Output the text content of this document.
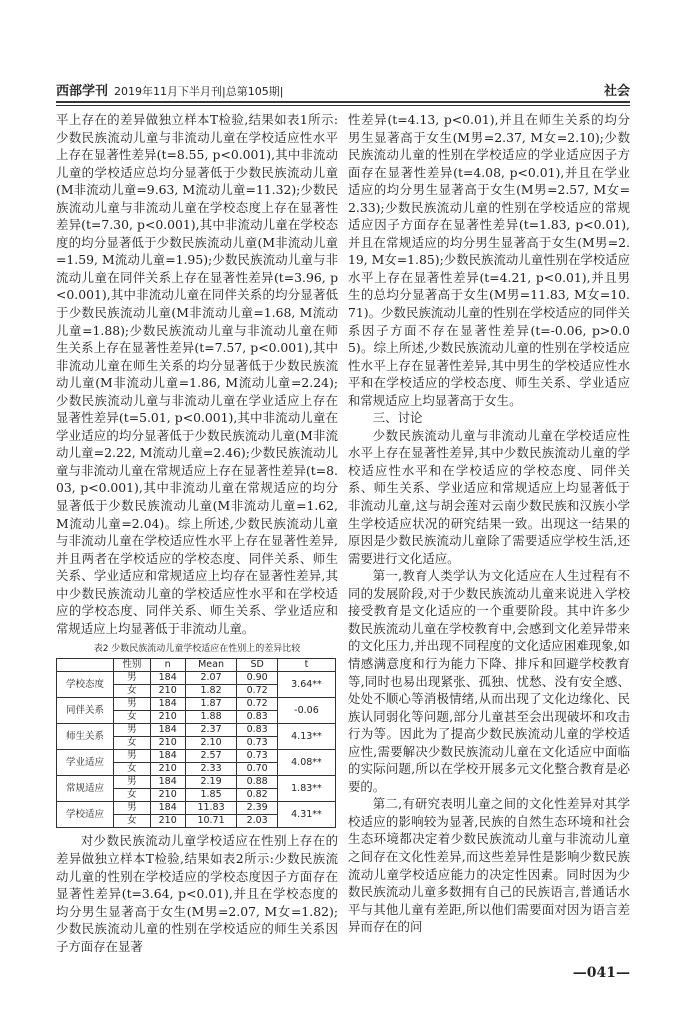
西部学刊 2019年11月下半月刊|总第105期|	社会

平上存在的差异做独立样本T检验,结果如表1所示:少数民族流动儿童与非流动儿童在学校适应性水平上存在显著性差异(t=8.55, p<0.001),其中非流动儿童的学校适应总均分显著低于少数民族流动儿童(M非流动儿童=9.63, M流动儿童=11.32);少数民族流动儿童与非流动儿童在学校态度上存在显著性差异(t=7.30, p<0.001),其中非流动儿童在学校态度的均分显著低于少数民族流动儿童(M非流动儿童=1.59, M流动儿童=1.95);少数民族流动儿童与非流动儿童在同伴关系上存在显著性差异(t=3.96, p<0.001),其中非流动儿童在同伴关系的均分显著低于少数民族流动儿童(M非流动儿童=1.68, M流动儿童=1.88);少数民族流动儿童与非流动儿童在师生关系上存在显著性差异(t=7.57, p<0.001),其中非流动儿童在师生关系的均分显著低于少数民族流动儿童(M非流动儿童=1.86, M流动儿童=2.24);少数民族流动儿童与非流动儿童在学业适应上存在显著性差异(t=5.01, p<0.001),其中非流动儿童在学业适应的均分显著低于少数民族流动儿童(M非流动儿童=2.22, M流动儿童=2.46);少数民族流动儿童与非流动儿童在常规适应上存在显著性差异(t=8.03, p<0.001),其中非流动儿童在常规适应的均分显著低于少数民族流动儿童(M非流动儿童=1.62, M流动儿童=2.04)。综上所述,少数民族流动儿童与非流动儿童在学校适应性水平上存在显著性差异,并且两者在学校适应的学校态度、同伴关系、师生关系、学业适应和常规适应上均存在显著性差异,其中少数民族流动儿童的学校适应性水平和在学校适应的学校态度、同伴关系、师生关系、学业适应和常规适应上均显著低于非流动儿童。

表2 少数民族流动儿童学校适应在性别上的差异比较
	性别	n	Mean	SD	t
学校态度	男	184	2.07	0.90	3.64**
	女	210	1.82	0.72	
同伴关系	男	184	1.87	0.72	-0.06
	女	210	1.88	0.83	
师生关系	男	184	2.37	0.83	4.13**
	女	210	2.10	0.73	
学业适应	男	184	2.57	0.73	4.08**
	女	210	2.33	0.70	
常规适应	男	184	2.19	0.88	1.83**
	女	210	1.85	0.82	
学校适应	男	184	11.83	2.39	4.31**
	女	210	10.71	2.03	

对少数民族流动儿童学校适应在性别上存在的差异做独立样本T检验,结果如表2所示:少数民族流动儿童的性别在学校适应的学校态度因子方面存在显著性差异(t=3.64, p<0.01),并且在学校态度的均分男生显著高于女生(M男=2.07, M女=1.82);少数民族流动儿童的性别在学校适应的师生关系因子方面存在显著

性差异(t=4.13, p<0.01),并且在师生关系的均分男生显著高于女生(M男=2.37, M女=2.10);少数民族流动儿童的性别在学校适应的学业适应因子方面存在显著性差异(t=4.08, p<0.01),并且在学业适应的均分男生显著高于女生(M男=2.57, M女=2.33);少数民族流动儿童的性别在学校适应的常规适应因子方面存在显著性差异(t=1.83, p<0.01),并且在常规适应的均分男生显著高于女生(M男=2.19, M女=1.85);少数民族流动儿童性别在学校适应水平上存在显著性差异(t=4.21, p<0.01),并且男生的总均分显著高于女生(M男=11.83, M女=10.71)。少数民族流动儿童的性别在学校适应的同伴关系因子方面不存在显著性差异(t=-0.06, p>0.05)。综上所述,少数民族流动儿童的性别在学校适应性水平上存在显著性差异,其中男生的学校适应性水平和在学校适应的学校态度、师生关系、学业适应和常规适应上均显著高于女生。

三、讨论

少数民族流动儿童与非流动儿童在学校适应性水平上存在显著性差异,其中少数民族流动儿童的学校适应性水平和在学校适应的学校态度、同伴关系、师生关系、学业适应和常规适应上均显著低于非流动儿童,这与胡会莲对云南少数民族和汉族小学生学校适应状况的研究结果一致。出现这一结果的原因是少数民族流动儿童除了需要适应学校生活,还需要进行文化适应。

第一,教育人类学认为文化适应在人生过程有不同的发展阶段,对于少数民族流动儿童来说进入学校接受教育是文化适应的一个重要阶段。其中许多少数民族流动儿童在学校教育中,会感到文化差异带来的文化压力,并出现不同程度的文化适应困难现象,如情感满意度和行为能力下降、排斥和回避学校教育等,同时也易出现紧张、孤独、忧愁、没有安全感、处处不顺心等消极情绪,从而出现了文化边缘化、民族认同弱化等问题,部分儿童甚至会出现破坏和攻击行为等。因此为了提高少数民族流动儿童的学校适应性,需要解决少数民族流动儿童在文化适应中面临的实际问题,所以在学校开展多元文化整合教育是必要的。

第二,有研究表明儿童之间的文化性差异对其学校适应的影响较为显著,民族的自然生态环境和社会生态环境都决定着少数民族流动儿童与非流动儿童之间存在文化性差异,而这些差异性是影响少数民族流动儿童学校适应能力的决定性因素。同时因为少数民族流动儿童多数拥有自己的民族语言,普通话水平与其他儿童有差距,所以他们需要面对因为语言差异而存在的问

—041—
